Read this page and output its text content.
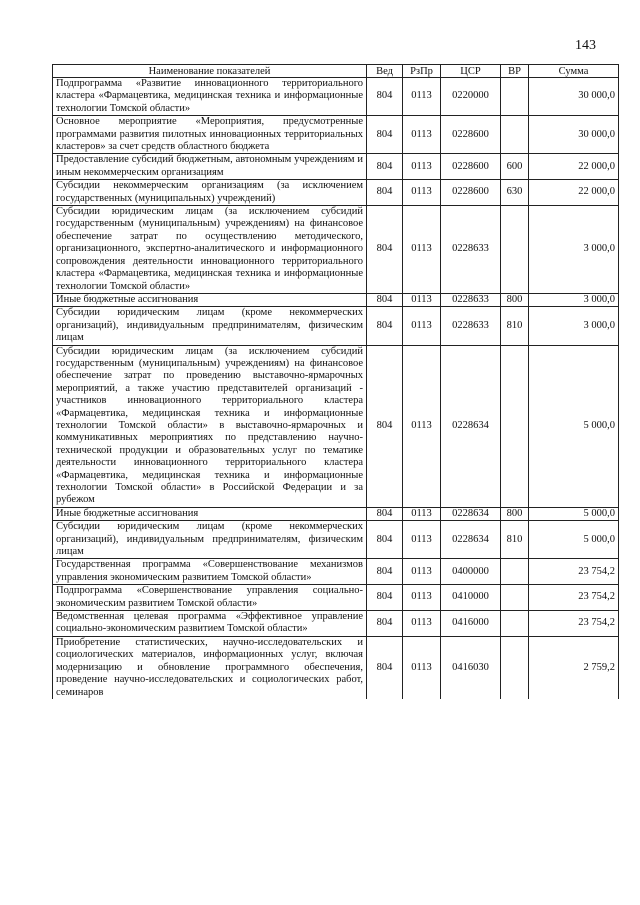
143
Наименование показателей	Вед	РзПр	ЦСР	ВР	Сумма
Подпрограмма «Развитие инновационного территориального кластера «Фармацевтика, медицинская техника и информационные технологии Томской области»	804	0113	0220000		30 000,0
Основное мероприятие «Мероприятия, предусмотренные программами развития пилотных инновационных территориальных кластеров» за счет средств областного бюджета	804	0113	0228600		30 000,0
Предоставление субсидий бюджетным, автономным учреждениям и иным некоммерческим организациям	804	0113	0228600	600	22 000,0
Субсидии некоммерческим организациям (за исключением государственных (муниципальных) учреждений)	804	0113	0228600	630	22 000,0
Субсидии юридическим лицам (за исключением субсидий государственным (муниципальным) учреждениям) на финансовое обеспечение затрат по осуществлению методического, организационного, экспертно-аналитического и информационного сопровождения деятельности инновационного территориального кластера «Фармацевтика, медицинская техника и информационные технологии Томской области»	804	0113	0228633		3 000,0
Иные бюджетные ассигнования	804	0113	0228633	800	3 000,0
Субсидии юридическим лицам (кроме некоммерческих организаций), индивидуальным предпринимателям, физическим лицам	804	0113	0228633	810	3 000,0
Субсидии юридическим лицам (за исключением субсидий государственным (муниципальным) учреждениям) на финансовое обеспечение затрат по проведению выставочно-ярмарочных мероприятий, а также участию представителей организаций - участников инновационного территориального кластера «Фармацевтика, медицинская техника и информационные технологии Томской области» в выставочно-ярмарочных и коммуникативных мероприятиях по представлению научно-технической продукции и образовательных услуг по тематике деятельности инновационного территориального кластера «Фармацевтика, медицинская техника и информационные технологии Томской области» в Российской Федерации и за рубежом	804	0113	0228634		5 000,0
Иные бюджетные ассигнования	804	0113	0228634	800	5 000,0
Субсидии юридическим лицам (кроме некоммерческих организаций), индивидуальным предпринимателям, физическим лицам	804	0113	0228634	810	5 000,0
Государственная программа «Совершенствование механизмов управления экономическим развитием Томской области»	804	0113	0400000		23 754,2
Подпрограмма «Совершенствование управления социально-экономическим развитием Томской области»	804	0113	0410000		23 754,2
Ведомственная целевая программа «Эффективное управление социально-экономическим развитием Томской области»	804	0113	0416000		23 754,2
Приобретение статистических, научно-исследовательских и социологических материалов, информационных услуг, включая модернизацию и обновление программного обеспечения, проведение научно-исследовательских и социологических работ, семинаров	804	0113	0416030		2 759,2
